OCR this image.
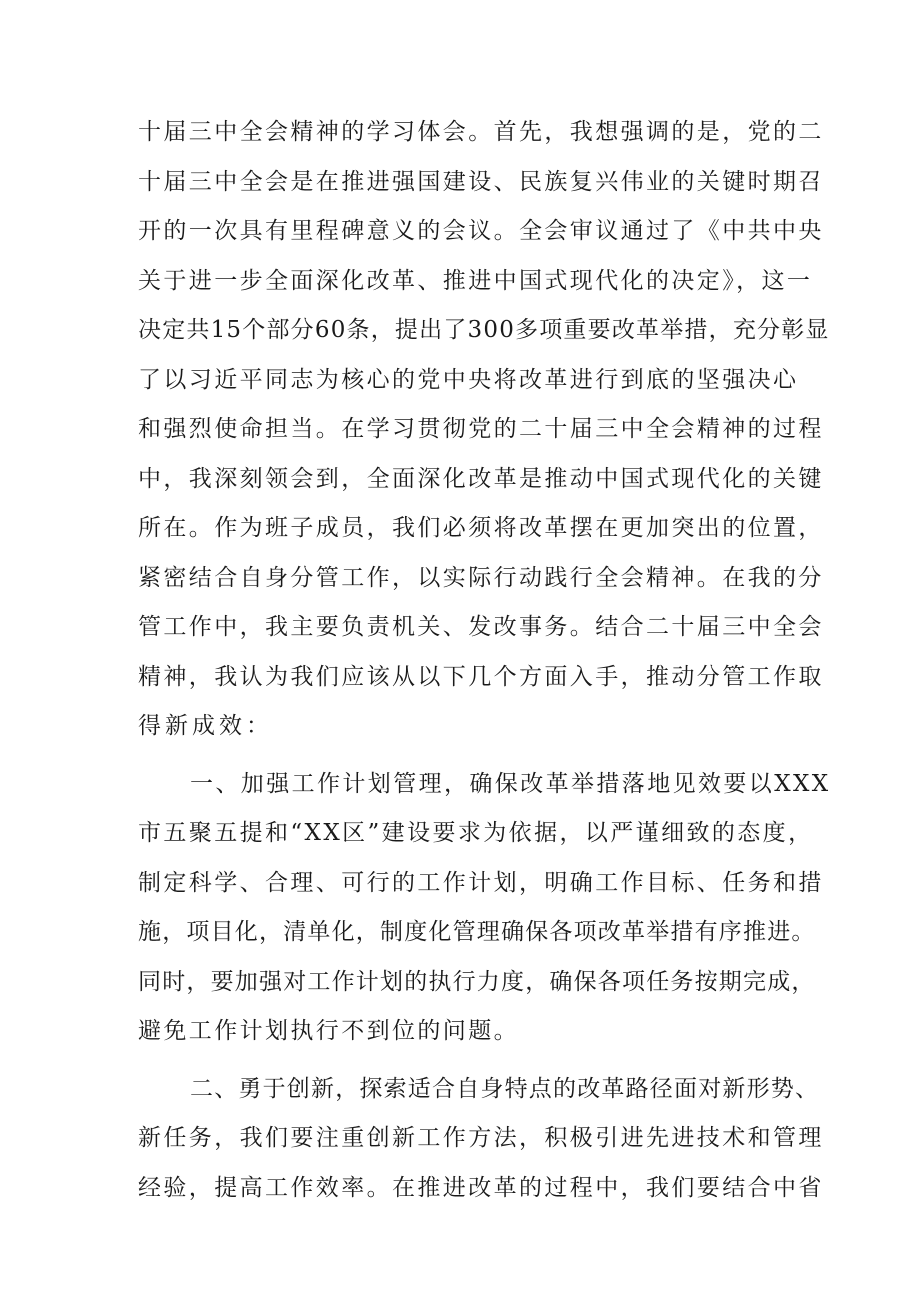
十届三中全会精神的学习体会。首先，我想强调的是，党的二
十届三中全会是在推进强国建设、民族复兴伟业的关键时期召
开的一次具有里程碑意义的会议。全会审议通过了《中共中央
关于进一步全面深化改革、推进中国式现代化的决定》，这一
决定共15个部分60条，提出了300多项重要改革举措，充分彰显
了以习近平同志为核心的党中央将改革进行到底的坚强决心
和强烈使命担当。在学习贯彻党的二十届三中全会精神的过程
中，我深刻领会到，全面深化改革是推动中国式现代化的关键
所在。作为班子成员，我们必须将改革摆在更加突出的位置，
紧密结合自身分管工作，以实际行动践行全会精神。在我的分
管工作中，我主要负责机关、发改事务。结合二十届三中全会
精神，我认为我们应该从以下几个方面入手，推动分管工作取
得新成效：
一、加强工作计划管理，确保改革举措落地见效要以XXX
市五聚五提和“XX区”建设要求为依据，以严谨细致的态度，
制定科学、合理、可行的工作计划，明确工作目标、任务和措
施，项目化，清单化，制度化管理确保各项改革举措有序推进。
同时，要加强对工作计划的执行力度，确保各项任务按期完成，
避免工作计划执行不到位的问题。
二、勇于创新，探索适合自身特点的改革路径面对新形势、
新任务，我们要注重创新工作方法，积极引进先进技术和管理
经验，提高工作效率。在推进改革的过程中，我们要结合中省
